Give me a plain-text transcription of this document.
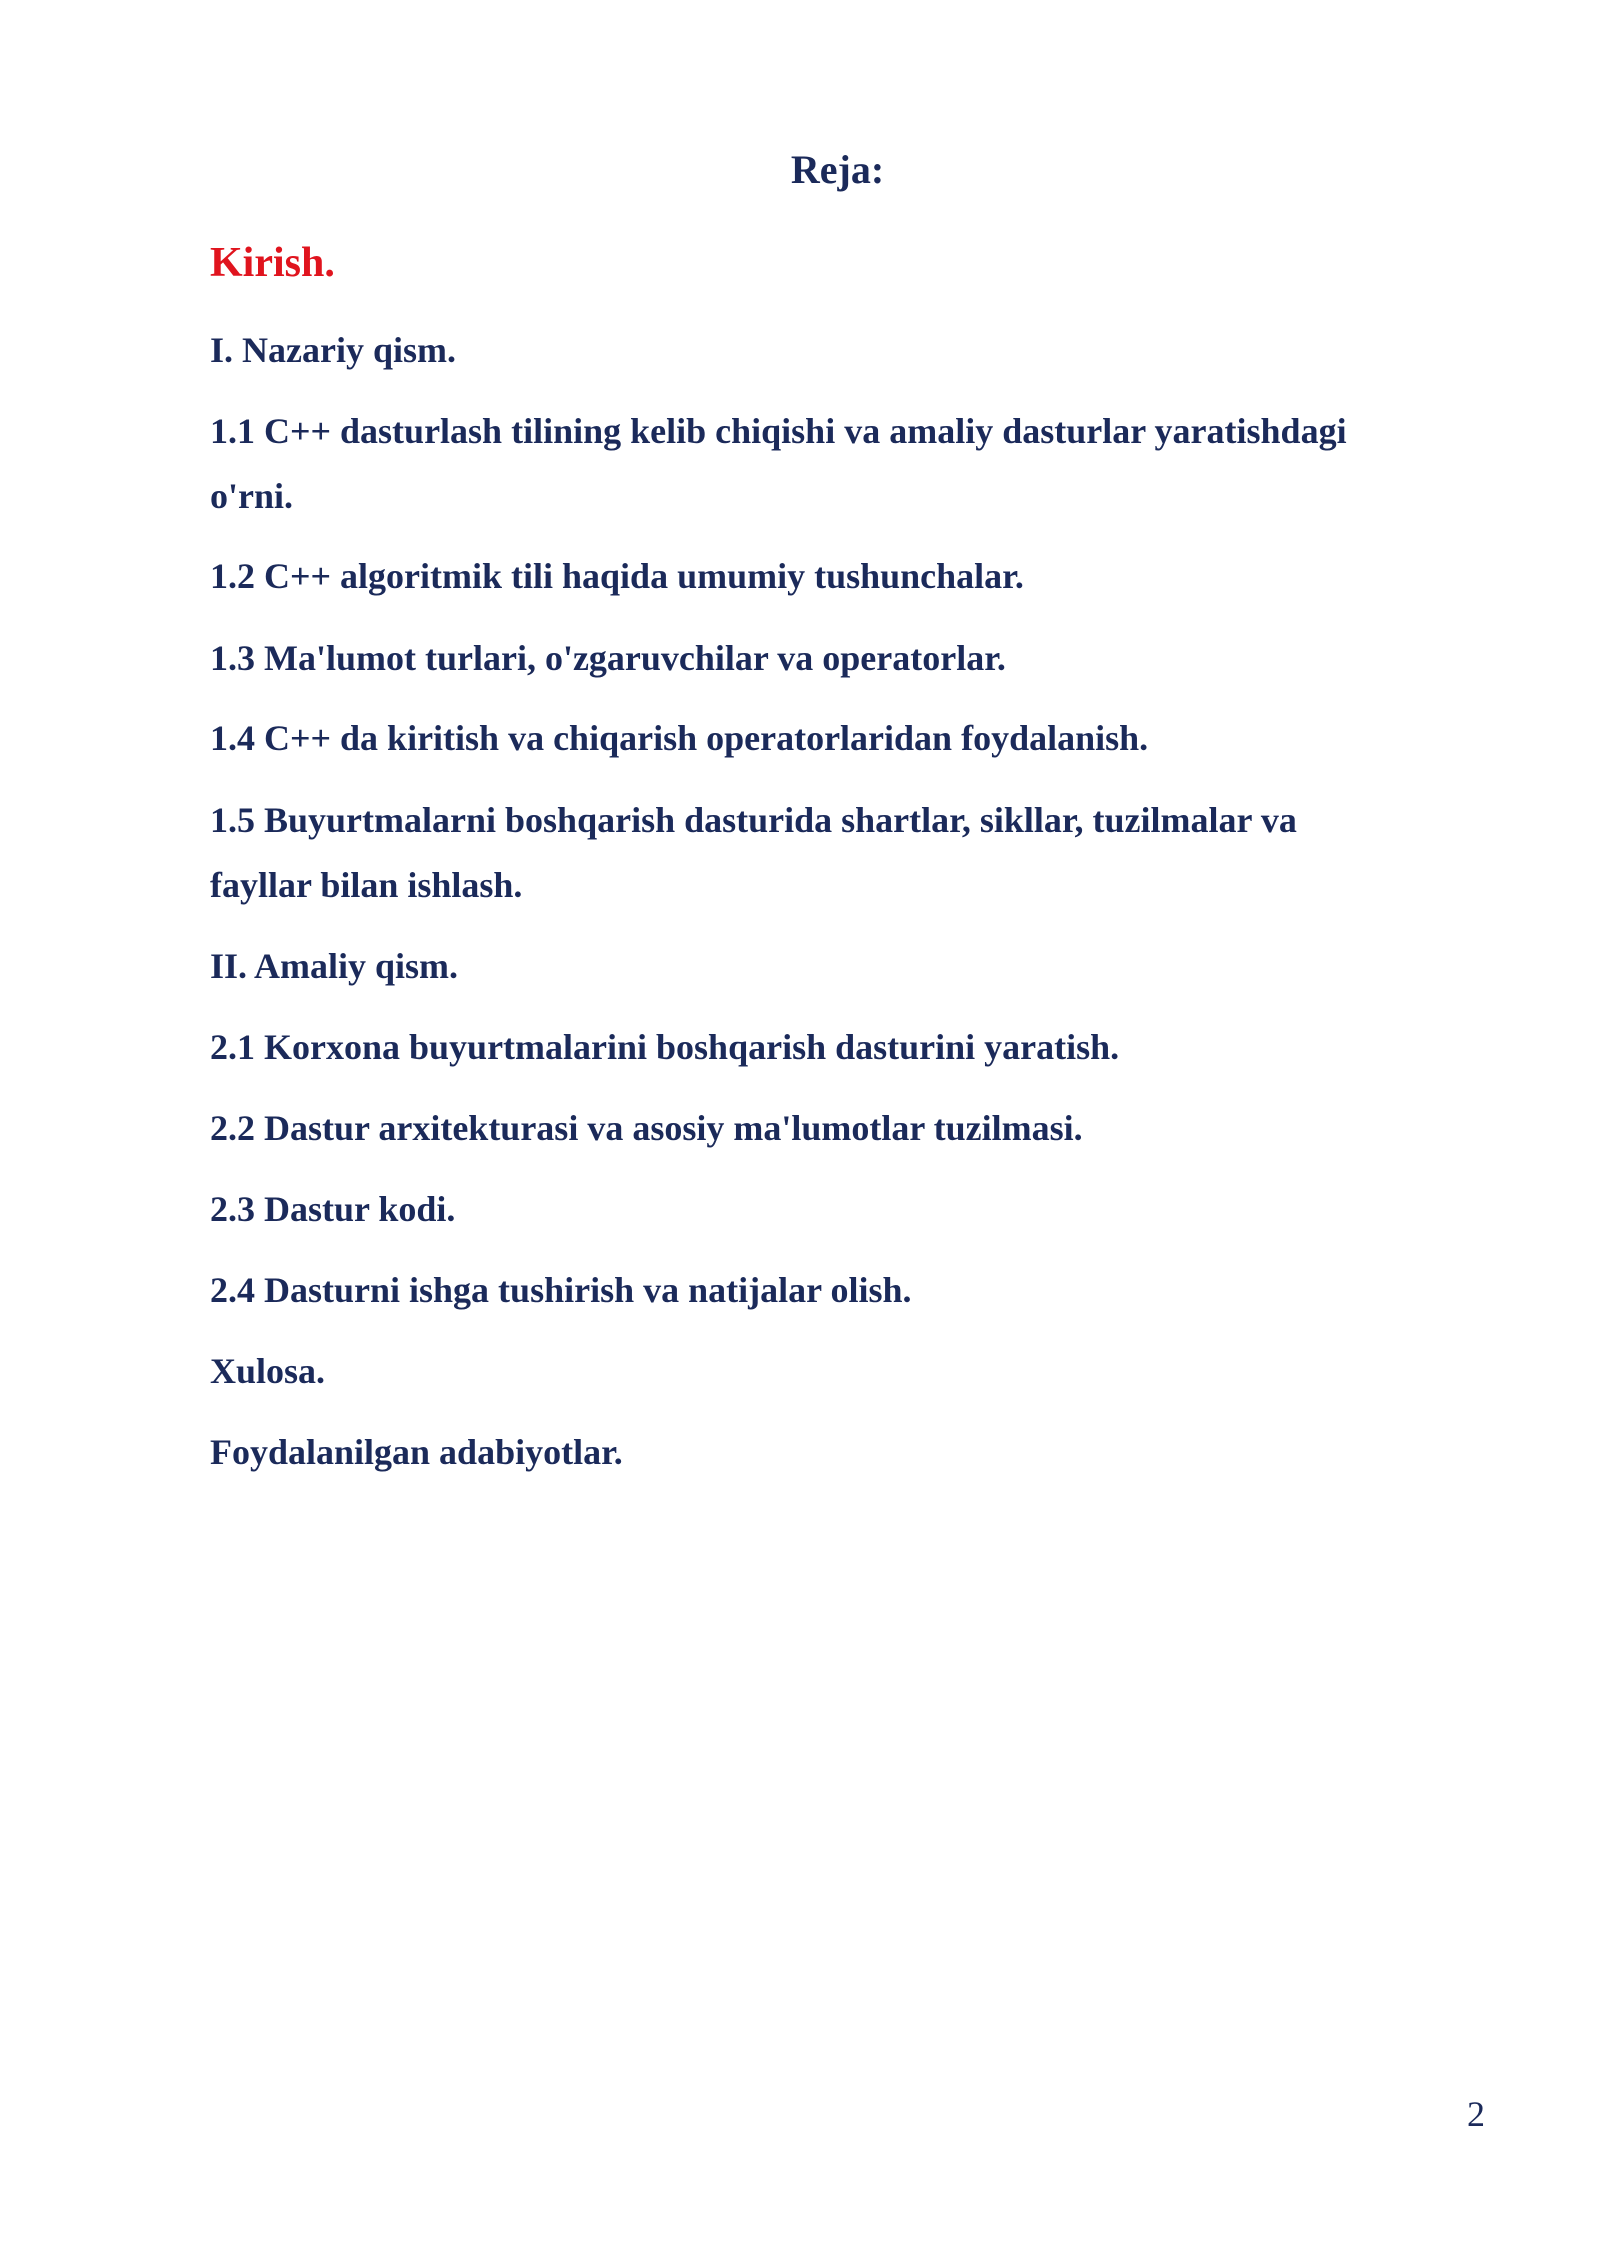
Reja:
Kirish.
I. Nazariy qism.
1.1 C++ dasturlash tilining kelib chiqishi va amaliy dasturlar yaratishdagi
o'rni.
1.2 C++ algoritmik tili haqida umumiy tushunchalar.
1.3 Ma'lumot turlari, o'zgaruvchilar va operatorlar.
1.4 C++ da kiritish va chiqarish operatorlaridan foydalanish.
1.5 Buyurtmalarni boshqarish dasturida shartlar, sikllar, tuzilmalar va
fayllar bilan ishlash.
II. Amaliy qism.
2.1 Korxona buyurtmalarini boshqarish dasturini yaratish.
2.2 Dastur arxitekturasi va asosiy ma'lumotlar tuzilmasi.
2.3 Dastur kodi.
2.4 Dasturni ishga tushirish va natijalar olish.
Xulosa.
Foydalanilgan adabiyotlar.
2
